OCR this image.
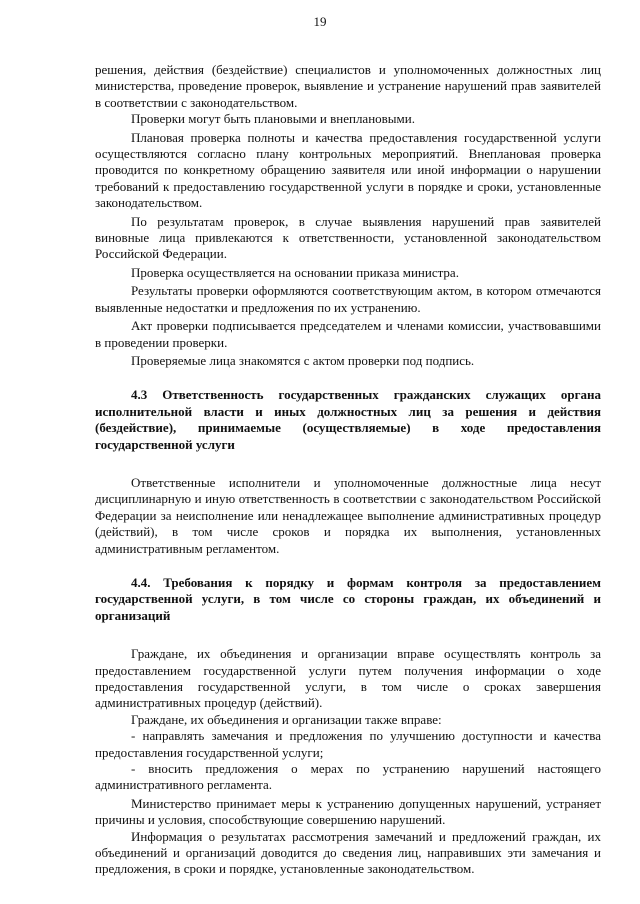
19

решения, действия (бездействие) специалистов и уполномоченных должностных лиц министерства, проведение проверок, выявление и устранение нарушений прав заявителей в соответствии с законодательством.

Проверки могут быть плановыми и внеплановыми.

Плановая проверка полноты и качества предоставления государственной услуги осуществляются согласно плану контрольных мероприятий. Внеплановая проверка проводится по конкретному обращению заявителя или иной информации о нарушении требований к предоставлению государственной услуги в порядке и сроки, установленные законодательством.

По результатам проверок, в случае выявления нарушений прав заявителей виновные лица привлекаются к ответственности, установленной законодательством Российской Федерации.

Проверка осуществляется на основании приказа министра.

Результаты проверки оформляются соответствующим актом, в котором отмечаются выявленные недостатки и предложения по их устранению.

Акт проверки подписывается председателем и членами комиссии, участвовавшими в проведении проверки.

Проверяемые лица знакомятся с актом проверки под подпись.

4.3 Ответственность государственных гражданских служащих органа исполнительной власти и иных должностных лиц за решения и действия (бездействие), принимаемые (осуществляемые) в ходе предоставления государственной услуги

Ответственные исполнители и уполномоченные должностные лица несут дисциплинарную и иную ответственность в соответствии с законодательством Российской Федерации за неисполнение или ненадлежащее выполнение административных процедур (действий), в том числе сроков и порядка их выполнения, установленных административным регламентом.

4.4. Требования к порядку и формам контроля за предоставлением государственной услуги, в том числе со стороны граждан, их объединений и организаций

Граждане, их объединения и организации вправе осуществлять контроль за предоставлением государственной услуги путем получения информации о ходе предоставления государственной услуги, в том числе о сроках завершения административных процедур (действий).

Граждане, их объединения и организации также вправе:

- направлять замечания и предложения по улучшению доступности и качества предоставления государственной услуги;

- вносить предложения о мерах по устранению нарушений настоящего административного регламента.

Министерство принимает меры к устранению допущенных нарушений, устраняет причины и условия, способствующие совершению нарушений.

Информация о результатах рассмотрения замечаний и предложений граждан, их объединений и организаций доводится до сведения лиц, направивших эти замечания и предложения, в сроки и порядке, установленные законодательством.
